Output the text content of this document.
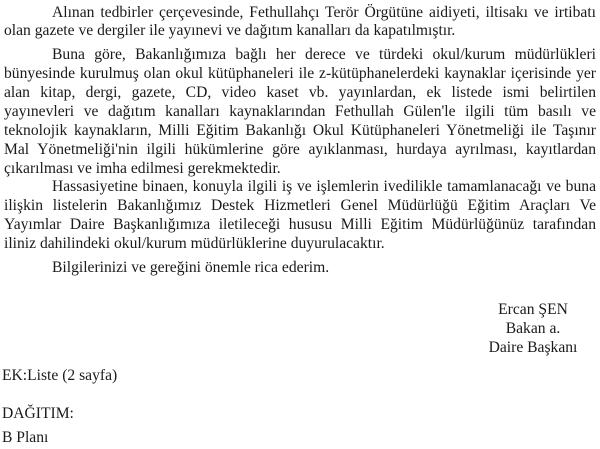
Alınan tedbirler çerçevesinde, Fethullahçı Terör Örgütüne aidiyeti, iltisakı ve irtibatı
olan gazete ve dergiler ile yayınevi ve dağıtım kanalları da kapatılmıştır.
Buna göre, Bakanlığımıza bağlı her derece ve türdeki okul/kurum müdürlükleri
bünyesinde kurulmuş olan okul kütüphaneleri ile z-kütüphanelerdeki kaynaklar içerisinde yer
alan kitap, dergi, gazete, CD, video kaset vb. yayınlardan, ek listede ismi belirtilen
yayınevleri ve dağıtım kanalları kaynaklarından Fethullah Gülen'le ilgili tüm basılı ve
teknolojik kaynakların, Milli Eğitim Bakanlığı Okul Kütüphaneleri Yönetmeliği ile Taşınır
Mal Yönetmeliği'nin ilgili hükümlerine göre ayıklanması, hurdaya ayrılması, kayıtlardan
çıkarılması ve imha edilmesi gerekmektedir.
Hassasiyetine binaen, konuyla ilgili iş ve işlemlerin ivedilikle tamamlanacağı ve buna
ilişkin listelerin Bakanlığımız Destek Hizmetleri Genel Müdürlüğü Eğitim Araçları Ve
Yayımlar Daire Başkanlığımıza iletileceği hususu Milli Eğitim Müdürlüğünüz tarafından
iliniz dahilindeki okul/kurum müdürlüklerine duyurulacaktır.
Bilgilerinizi ve gereğini önemle rica ederim.
Ercan ŞEN
Bakan a.
Daire Başkanı
EK:Liste (2 sayfa)
DAĞITIM:
B Planı
